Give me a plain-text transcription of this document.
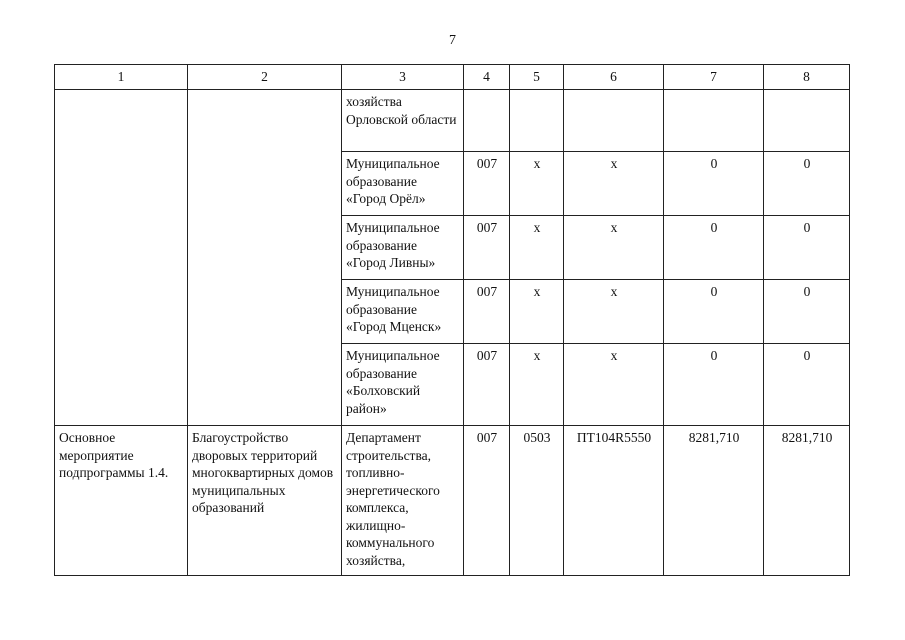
7
1	2	3	4	5	6	7	8
		хозяйства Орловской области					
		Муниципальное образование «Город Орёл»	007	х	х	0	0
		Муниципальное образование «Город Ливны»	007	х	х	0	0
		Муниципальное образование «Город Мценск»	007	х	х	0	0
		Муниципальное образование «Болховский район»	007	х	х	0	0
Основное мероприятие подпрограммы 1.4.	Благоустройство дворовых территорий многоквартирных домов муниципальных образований	Департамент строительства, топливно-энергетического комплекса, жилищно-коммунального хозяйства,	007	0503	ПТ104R5550	8281,710	8281,710
